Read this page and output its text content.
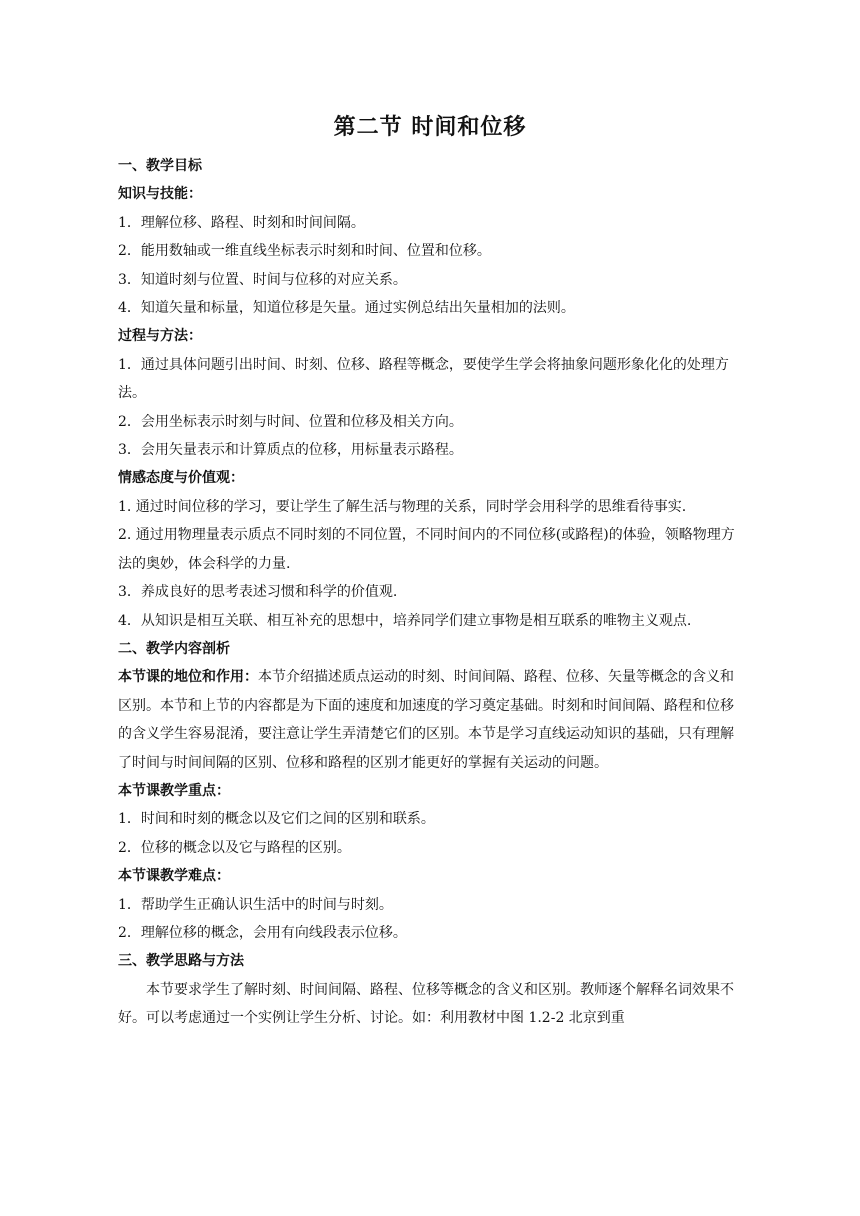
第二节 时间和位移
一、教学目标
知识与技能：
1．理解位移、路程、时刻和时间间隔。
2．能用数轴或一维直线坐标表示时刻和时间、位置和位移。
3．知道时刻与位置、时间与位移的对应关系。
4．知道矢量和标量，知道位移是矢量。通过实例总结出矢量相加的法则。
过程与方法：
1．通过具体问题引出时间、时刻、位移、路程等概念，要使学生学会将抽象问题形象化化的处理方法。
2．会用坐标表示时刻与时间、位置和位移及相关方向。
3．会用矢量表示和计算质点的位移，用标量表示路程。
情感态度与价值观：
1. 通过时间位移的学习，要让学生了解生活与物理的关系，同时学会用科学的思维看待事实.
2. 通过用物理量表示质点不同时刻的不同位置，不同时间内的不同位移(或路程)的体验，领略物理方法的奥妙，体会科学的力量.
3．养成良好的思考表述习惯和科学的价值观.
4．从知识是相互关联、相互补充的思想中，培养同学们建立事物是相互联系的唯物主义观点.
二、教学内容剖析
本节课的地位和作用：本节介绍描述质点运动的时刻、时间间隔、路程、位移、矢量等概念的含义和区别。本节和上节的内容都是为下面的速度和加速度的学习奠定基础。时刻和时间间隔、路程和位移的含义学生容易混淆，要注意让学生弄清楚它们的区别。本节是学习直线运动知识的基础，只有理解了时间与时间间隔的区别、位移和路程的区别才能更好的掌握有关运动的问题。
本节课教学重点：
1．时间和时刻的概念以及它们之间的区别和联系。
2．位移的概念以及它与路程的区别。
本节课教学难点：
1．帮助学生正确认识生活中的时间与时刻。
2．理解位移的概念，会用有向线段表示位移。
三、教学思路与方法
本节要求学生了解时刻、时间间隔、路程、位移等概念的含义和区别。教师逐个解释名词效果不好。可以考虑通过一个实例让学生分析、讨论。如：利用教材中图 1.2-2 北京到重
